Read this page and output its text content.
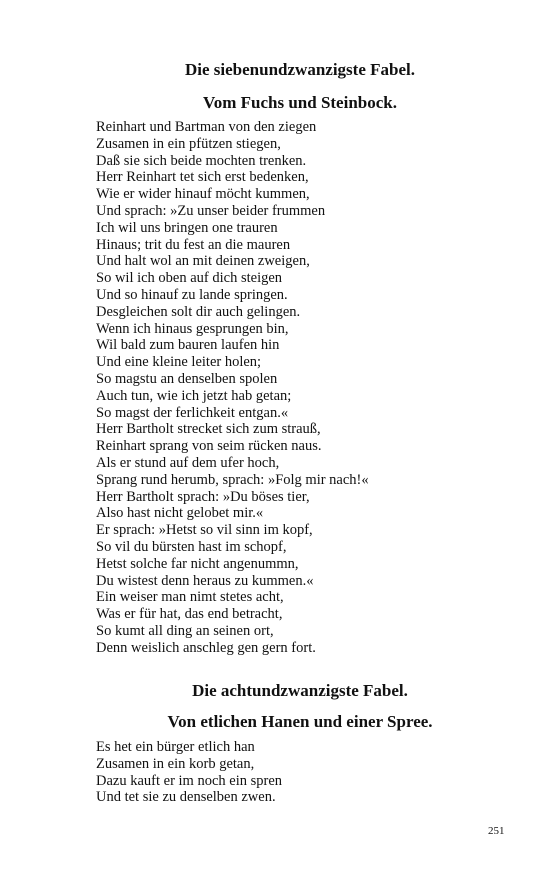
Die siebenundzwanzigste Fabel.
Vom Fuchs und Steinbock.
Reinhart und Bartman von den ziegen
Zusamen in ein pfützen stiegen,
Daß sie sich beide mochten trenken.
Herr Reinhart tet sich erst bedenken,
Wie er wider hinauf möcht kummen,
Und sprach: »Zu unser beider frummen
Ich wil uns bringen one trauren
Hinaus; trit du fest an die mauren
Und halt wol an mit deinen zweigen,
So wil ich oben auf dich steigen
Und so hinauf zu lande springen.
Desgleichen solt dir auch gelingen.
Wenn ich hinaus gesprungen bin,
Wil bald zum bauren laufen hin
Und eine kleine leiter holen;
So magstu an denselben spolen
Auch tun, wie ich jetzt hab getan;
So magst der ferlichkeit entgan.«
Herr Bartholt strecket sich zum strauß,
Reinhart sprang von seim rücken naus.
Als er stund auf dem ufer hoch,
Sprang rund herumb, sprach: »Folg mir nach!«
Herr Bartholt sprach: »Du böses tier,
Also hast nicht gelobet mir.«
Er sprach: »Hetst so vil sinn im kopf,
So vil du bürsten hast im schopf,
Hetst solche far nicht angenummn,
Du wistest denn heraus zu kummen.«
Ein weiser man nimt stetes acht,
Was er für hat, das end betracht,
So kumt all ding an seinen ort,
Denn weislich anschleg gen gern fort.
Die achtundzwanzigste Fabel.
Von etlichen Hanen und einer Spree.
Es het ein bürger etlich han
Zusamen in ein korb getan,
Dazu kauft er im noch ein spren
Und tet sie zu denselben zwen.
251
